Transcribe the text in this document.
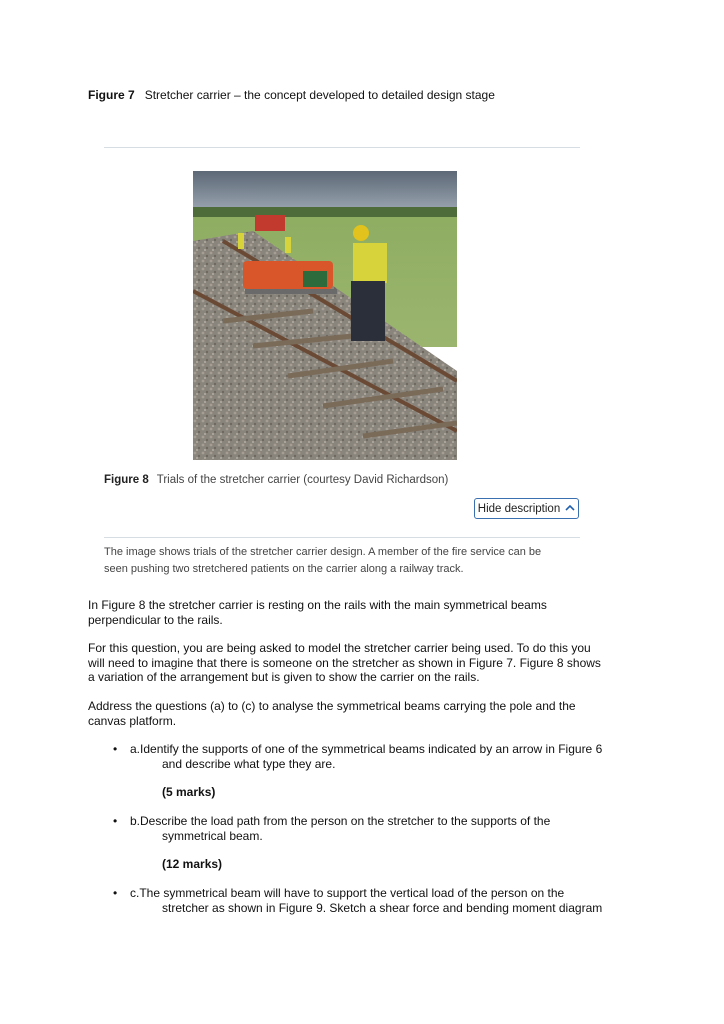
Figure 7 Stretcher carrier – the concept developed to detailed design stage
Figure 8 Trials of the stretcher carrier (courtesy David Richardson)
Hide description
The image shows trials of the stretcher carrier design. A member of the fire service can be
seen pushing two stretchered patients on the carrier along a railway track.
In Figure 8 the stretcher carrier is resting on the rails with the main symmetrical beams
perpendicular to the rails.
For this question, you are being asked to model the stretcher carrier being used. To do this you
will need to imagine that there is someone on the stretcher as shown in Figure 7. Figure 8 shows
a variation of the arrangement but is given to show the carrier on the rails.
Address the questions (a) to (c) to analyse the symmetrical beams carrying the pole and the
canvas platform.
• a.Identify the supports of one of the symmetrical beams indicated by an arrow in Figure 6
and describe what type they are.
(5 marks)
• b.Describe the load path from the person on the stretcher to the supports of the
symmetrical beam.
(12 marks)
• c.The symmetrical beam will have to support the vertical load of the person on the
stretcher as shown in Figure 9. Sketch a shear force and bending moment diagram
